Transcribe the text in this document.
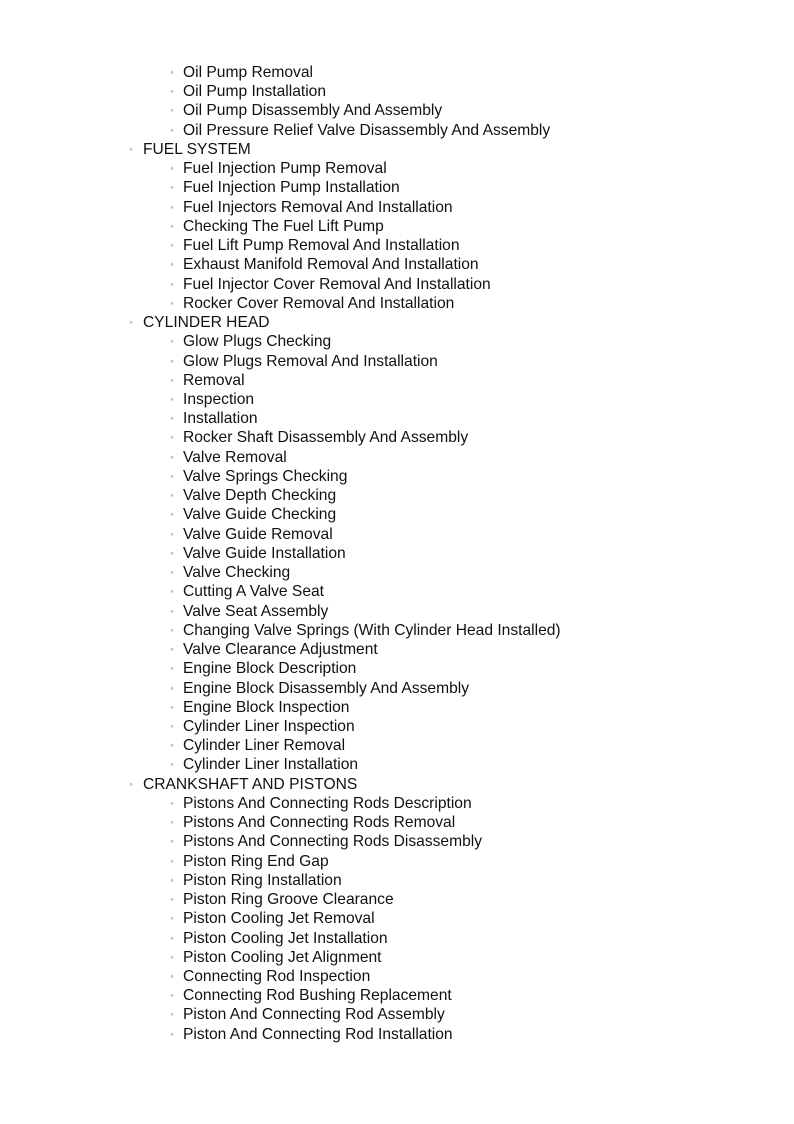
◦ Oil Pump Removal
◦ Oil Pump Installation
◦ Oil Pump Disassembly And Assembly
◦ Oil Pressure Relief Valve Disassembly And Assembly
◦ FUEL SYSTEM
◦ Fuel Injection Pump Removal
◦ Fuel Injection Pump Installation
◦ Fuel Injectors Removal And Installation
◦ Checking The Fuel Lift Pump
◦ Fuel Lift Pump Removal And Installation
◦ Exhaust Manifold Removal And Installation
◦ Fuel Injector Cover Removal And Installation
◦ Rocker Cover Removal And Installation
◦ CYLINDER HEAD
◦ Glow Plugs Checking
◦ Glow Plugs Removal And Installation
◦ Removal
◦ Inspection
◦ Installation
◦ Rocker Shaft Disassembly And Assembly
◦ Valve Removal
◦ Valve Springs Checking
◦ Valve Depth Checking
◦ Valve Guide Checking
◦ Valve Guide Removal
◦ Valve Guide Installation
◦ Valve Checking
◦ Cutting A Valve Seat
◦ Valve Seat Assembly
◦ Changing Valve Springs (With Cylinder Head Installed)
◦ Valve Clearance Adjustment
◦ Engine Block Description
◦ Engine Block Disassembly And Assembly
◦ Engine Block Inspection
◦ Cylinder Liner Inspection
◦ Cylinder Liner Removal
◦ Cylinder Liner Installation
◦ CRANKSHAFT AND PISTONS
◦ Pistons And Connecting Rods Description
◦ Pistons And Connecting Rods Removal
◦ Pistons And Connecting Rods Disassembly
◦ Piston Ring End Gap
◦ Piston Ring Installation
◦ Piston Ring Groove Clearance
◦ Piston Cooling Jet Removal
◦ Piston Cooling Jet Installation
◦ Piston Cooling Jet Alignment
◦ Connecting Rod Inspection
◦ Connecting Rod Bushing Replacement
◦ Piston And Connecting Rod Assembly
◦ Piston And Connecting Rod Installation
